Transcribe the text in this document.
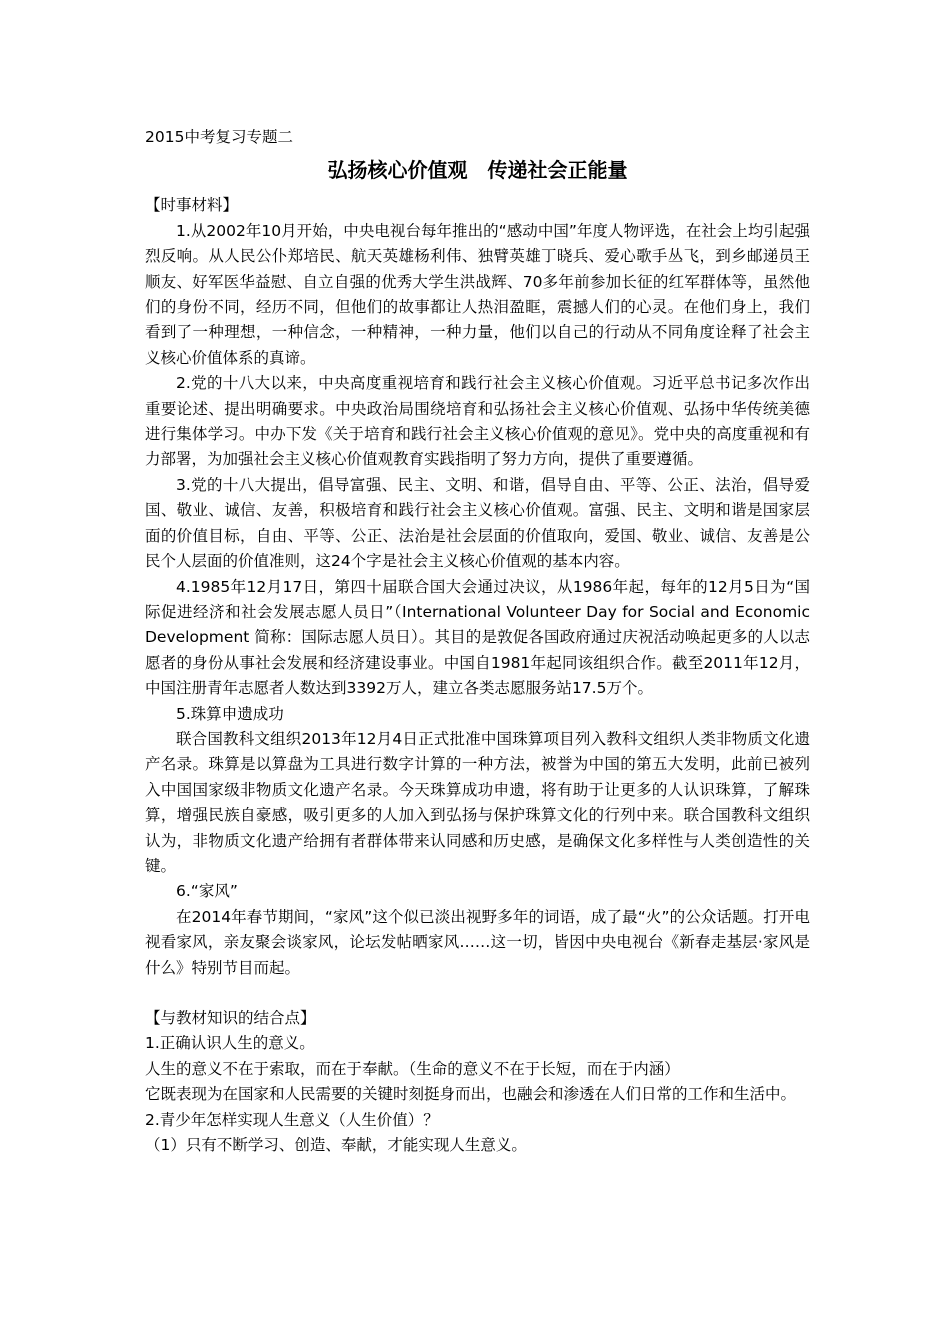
2015中考复习专题二

弘扬核心价值观　传递社会正能量

【时事材料】

1.从2002年10月开始，中央电视台每年推出的“感动中国”年度人物评选，在社会上均引起强烈反响。从人民公仆郑培民、航天英雄杨利伟、独臂英雄丁晓兵、爱心歌手丛飞，到乡邮递员王顺友、好军医华益慰、自立自强的优秀大学生洪战辉、70多年前参加长征的红军群体等，虽然他们的身份不同，经历不同，但他们的故事都让人热泪盈眶，震撼人们的心灵。在他们身上，我们看到了一种理想，一种信念，一种精神，一种力量，他们以自己的行动从不同角度诠释了社会主义核心价值体系的真谛。

2.党的十八大以来，中央高度重视培育和践行社会主义核心价值观。习近平总书记多次作出重要论述、提出明确要求。中央政治局围绕培育和弘扬社会主义核心价值观、弘扬中华传统美德进行集体学习。中办下发《关于培育和践行社会主义核心价值观的意见》。党中央的高度重视和有力部署，为加强社会主义核心价值观教育实践指明了努力方向，提供了重要遵循。

3.党的十八大提出，倡导富强、民主、文明、和谐，倡导自由、平等、公正、法治，倡导爱国、敬业、诚信、友善，积极培育和践行社会主义核心价值观。富强、民主、文明和谐是国家层面的价值目标，自由、平等、公正、法治是社会层面的价值取向，爱国、敬业、诚信、友善是公民个人层面的价值准则，这24个字是社会主义核心价值观的基本内容。

4.1985年12月17日，第四十届联合国大会通过决议，从1986年起，每年的12月5日为“国际促进经济和社会发展志愿人员日”（International Volunteer Day for Social and Economic Development 简称：国际志愿人员日）。其目的是敦促各国政府通过庆祝活动唤起更多的人以志愿者的身份从事社会发展和经济建设事业。中国自1981年起同该组织合作。截至2011年12月，中国注册青年志愿者人数达到3392万人，建立各类志愿服务站17.5万个。

5.珠算申遗成功

联合国教科文组织2013年12月4日正式批准中国珠算项目列入教科文组织人类非物质文化遗产名录。珠算是以算盘为工具进行数字计算的一种方法，被誉为中国的第五大发明，此前已被列入中国国家级非物质文化遗产名录。今天珠算成功申遗，将有助于让更多的人认识珠算，了解珠算，增强民族自豪感，吸引更多的人加入到弘扬与保护珠算文化的行列中来。联合国教科文组织认为，非物质文化遗产给拥有者群体带来认同感和历史感，是确保文化多样性与人类创造性的关键。

6.“家风”

在2014年春节期间，“家风”这个似已淡出视野多年的词语，成了最“火”的公众话题。打开电视看家风，亲友聚会谈家风，论坛发帖晒家风……这一切，皆因中央电视台《新春走基层·家风是什么》特别节目而起。

【与教材知识的结合点】

1.正确认识人生的意义。

人生的意义不在于索取，而在于奉献。（生命的意义不在于长短，而在于内涵）

它既表现为在国家和人民需要的关键时刻挺身而出，也融会和渗透在人们日常的工作和生活中。

2.青少年怎样实现人生意义（人生价值）？

（1）只有不断学习、创造、奉献，才能实现人生意义。
